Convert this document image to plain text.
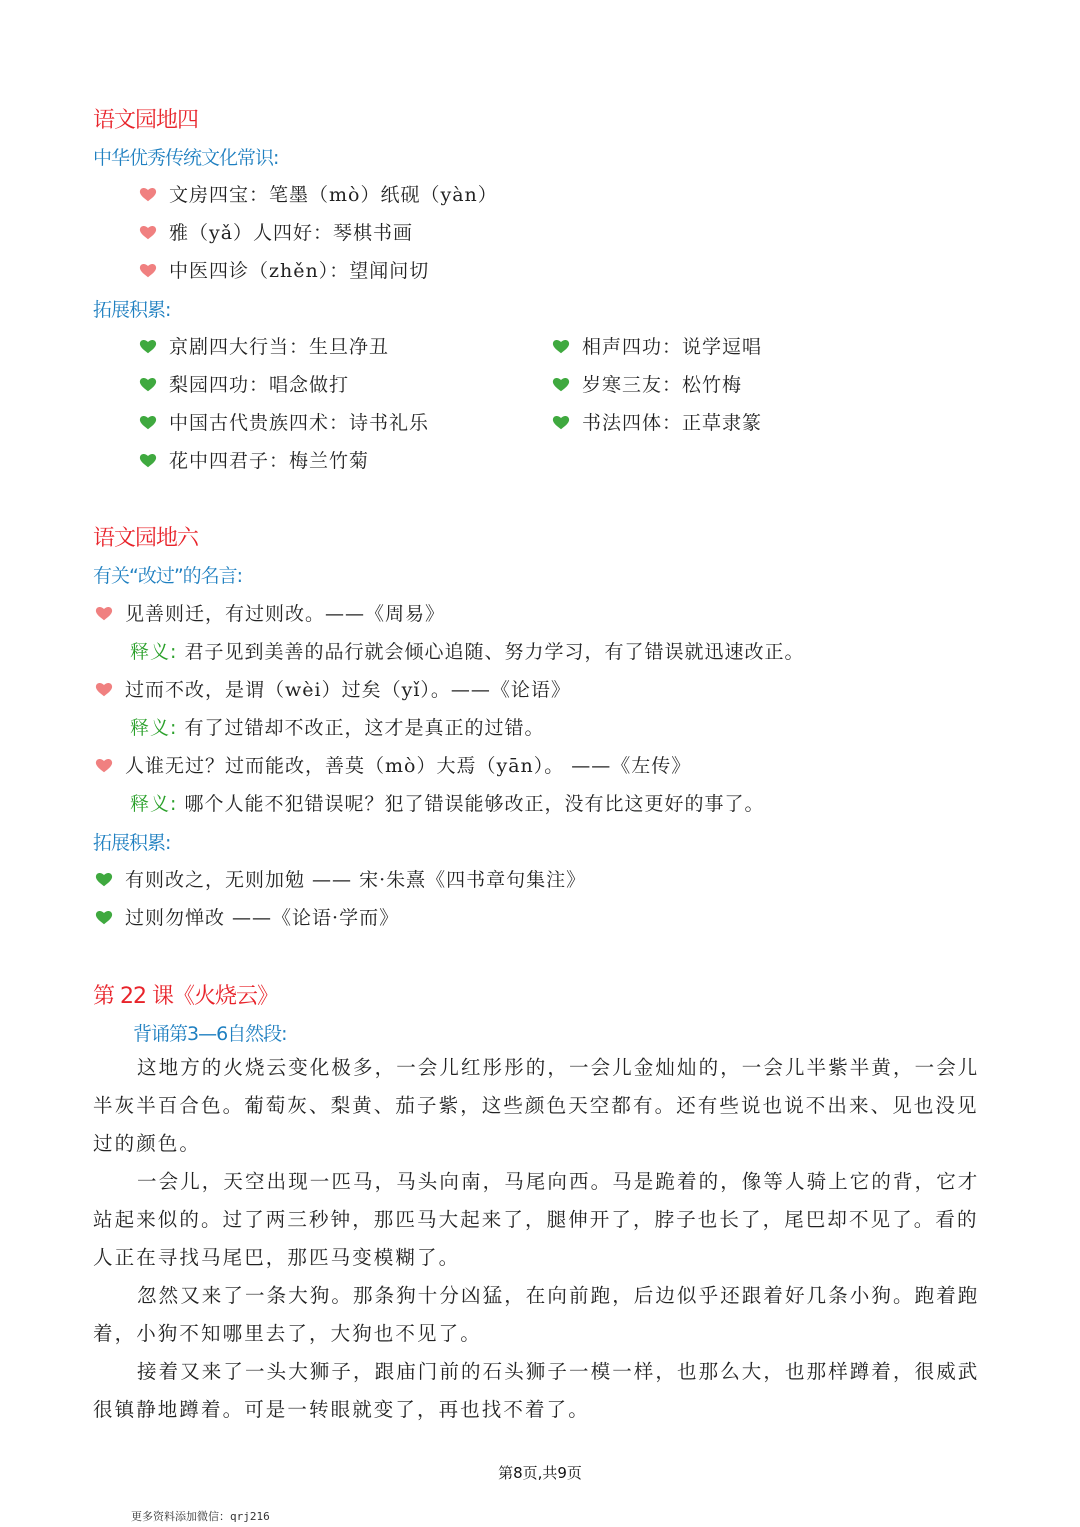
语文园地四
中华优秀传统文化常识:
文房四宝：笔墨（mò）纸砚（yàn）
雅（yǎ）人四好：琴棋书画
中医四诊（zhěn）：望闻问切
拓展积累:
京剧四大行当：生旦净丑
梨园四功：唱念做打
中国古代贵族四术：诗书礼乐
花中四君子：梅兰竹菊
相声四功：说学逗唱
岁寒三友：松竹梅
书法四体：正草隶篆
语文园地六
有关“改过”的名言:
见善则迁，有过则改。——《周易》
释义: 君子见到美善的品行就会倾心追随、努力学习，有了错误就迅速改正。
过而不改，是谓（wèi）过矣（yǐ）。——《论语》
释义: 有了过错却不改正，这才是真正的过错。
人谁无过？过而能改，善莫（mò）大焉（yān）。 ——《左传》
释义: 哪个人能不犯错误呢？犯了错误能够改正，没有比这更好的事了。
拓展积累:
有则改之，无则加勉 —— 宋·朱熹《四书章句集注》
过则勿惮改 ——《论语·学而》
第 22 课《火烧云》
背诵第3—6自然段:
这地方的火烧云变化极多，一会儿红彤彤的，一会儿金灿灿的，一会儿半紫半黄，一会儿半灰半百合色。葡萄灰、梨黄、茄子紫，这些颜色天空都有。还有些说也说不出来、见也没见过的颜色。
一会儿，天空出现一匹马，马头向南，马尾向西。马是跪着的，像等人骑上它的背，它才站起来似的。过了两三秒钟，那匹马大起来了，腿伸开了，脖子也长了，尾巴却不见了。看的人正在寻找马尾巴，那匹马变模糊了。
忽然又来了一条大狗。那条狗十分凶猛，在向前跑，后边似乎还跟着好几条小狗。跑着跑着，小狗不知哪里去了，大狗也不见了。
接着又来了一头大狮子，跟庙门前的石头狮子一模一样，也那么大，也那样蹲着，很威武很镇静地蹲着。可是一转眼就变了，再也找不着了。
第8页,共9页
更多资料添加微信：qrj216
